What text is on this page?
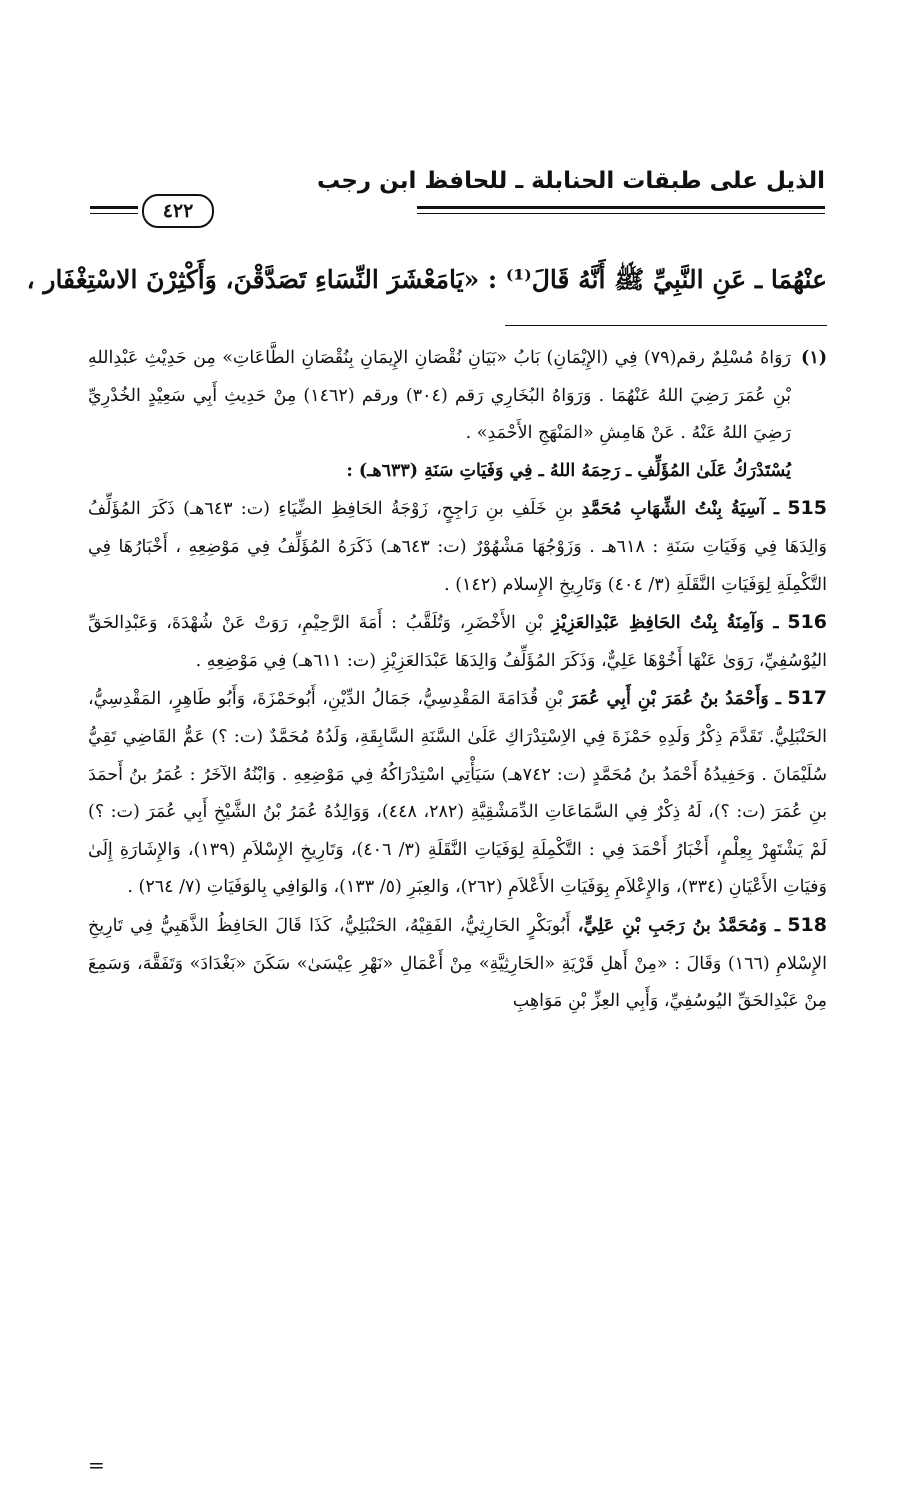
الذيل على طبقات الحنابلة ـ للحافظ ابن رجب
٤٢٢
عنْهُمَا ـ عَنِ النَّبِيِّ ﷺ أَنَّهُ قَالَ⁽¹⁾ : «يَامَعْشَرَ النِّسَاءِ تَصَدَّقْنَ، وَأَكْثِرْنَ الاسْتِغْفَار ،
(١)

رَوَاهُ مُسْلِمٌ رقم(٧٩) فِي (الإِيْمَانِ) بَابُ «بَيَانِ نُقْصَانِ الإِيمَانِ بِنُقْصَانِ الطَّاعَاتِ» مِن حَدِيْثِ عَبْدِاللهِ بْنِ عُمَرَ رَضِيَ اللهُ عَنْهُمَا . وَرَوَاهُ البُخَارِي رَقم (٣٠٤) ورقم (١٤٦٢) مِنْ حَدِيثِ أَبِي سَعِيْدٍ الخُدْرِيِّ رَضِيَ اللهُ عَنْهُ . عَنْ هَامِشِ «المَنْهَجِ الأَحْمَدِ» .

يُسْتَدْرَكُ عَلَىٰ المُؤَلِّفِ ـ رَحِمَهُ اللهُ ـ فِي وَفَيَاتِ سَنَةِ (٦٣٣هـ) :

515 ـ آسِيَةُ بِنْتُ الشِّهَابِ مُحَمَّدِ بنِ خَلَفِ بنِ رَاجِحٍ، زَوْجَةُ الحَافِظِ الضِّيَاءِ (ت: ٦٤٣هـ) ذَكَرَ المُؤَلِّفُ وَالِدَهَا فِي وَفَيَاتِ سَنَةِ : ٦١٨هـ . وَزَوْجُهَا مَشْهُوْرٌ (ت: ٦٤٣هـ) ذَكَرَهُ المُؤَلِّفُ فِي مَوْضِعِهِ ، أَخْبَارُهَا فِي التَّكْمِلَةِ لِوَفَيَاتِ النَّقَلَةِ (٣/ ٤٠٤) وَتَارِيخِ الإِسلام (١٤٢) .

516 ـ وَآمِنَةُ بِنْتُ الحَافِظِ عَبْدِالعَزِيْزِ بْنِ الأَخْضَرِ، وَتُلَقَّبُ : أَمَةَ الرَّحِيْمِ، رَوَتْ عَنْ شُهْدَةَ، وَعَبْدِالحَقِّ اليُوْسُفِيِّ، رَوَىٰ عَنْهَا أَخُوْهَا عَلِيٌّ، وَذَكَرَ المُؤَلِّفُ وَالِدَهَا عَبْدَالعَزِيْزِ (ت: ٦١١هـ) فِي مَوْضِعِهِ .

517 ـ وَأَحْمَدُ بنُ عُمَرَ بْنِ أَبِي عُمَرَ بْنِ قُدَامَةَ المَقْدِسِيُّ، جَمَالُ الدِّيْنِ، أَبُوحَمْزَةَ، وَأَبُو طَاهِرٍ، المَقْدِسِيُّ، الحَنْبَلِيُّ. تَقَدَّمَ ذِكْرُ وَلَدِهِ حَمْزَةَ فِي الاِسْتِدْرَاكِ عَلَىٰ السَّنَةِ السَّابِقَةِ، وَلَدُهُ مُحَمَّدٌ (ت: ؟) عَمُّ القَاضِي تَقِيُّ سُلَيْمَانَ . وَحَفِيدُهُ أَحْمَدُ بنُ مُحَمَّدٍ (ت: ٧٤٢هـ) سَيَأْتِي اسْتِدْرَاكُهُ فِي مَوْضِعِهِ . وَابْنُهُ الآخَرُ : عُمَرُ بنُ أَحمَدَ بنِ عُمَرَ (ت: ؟)، لَهُ ذِكْرٌ فِي السَّمَاعَاتِ الدِّمَشْقِيَّةِ (٢٨٢، ٤٤٨)، وَوَالِدُهُ عُمَرُ بْنُ الشَّيْخِ أَبِي عُمَرَ (ت: ؟) لَمْ يَشْتَهِرْ بِعِلْمٍ، أَخْبَارُ أَحْمَدَ فِي : التَّكْمِلَةِ لِوَفَيَاتِ النَّقَلَةِ (٣/ ٤٠٦)، وَتَارِيخِ الإِسْلاَمِ (١٣٩)، وَالإِشَارَةِ إِلَىٰ وَفيَاتِ الأَعْيَانِ (٣٣٤)، وَالإِعْلاَمِ بِوَفَيَاتِ الأَعْلاَمِ (٢٦٢)، وَالعِبَرِ (٥/ ١٣٣)، وَالوَافِي بِالوَفَيَاتِ (٧/ ٢٦٤) .

518 ـ وَمُحَمَّدُ بنُ رَجَبِ بْنِ عَلِيٍّ، أَبُوبَكْرٍ الحَارِثِيُّ، الفَقِيْهُ، الحَنْبَلِيُّ، كَذَا قَالَ الحَافِظُ الذَّهَبِيُّ فِي تَارِيخِ الإِسْلامِ (١٦٦) وَقَالَ : «مِنْ أَهلِ قَرْيَةِ «الحَارِثِيَّةِ» مِنْ أَعْمَالِ «نَهْرِ عِيْسَىٰ» سَكَنَ «بَغْدَادَ» وَتَفَقَّهَ، وَسَمِعَ مِنْ عَبْدِالحَقِّ اليُوسُفِيِّ، وَأَبِي العِزِّ بْنِ مَوَاهِبِ

=
